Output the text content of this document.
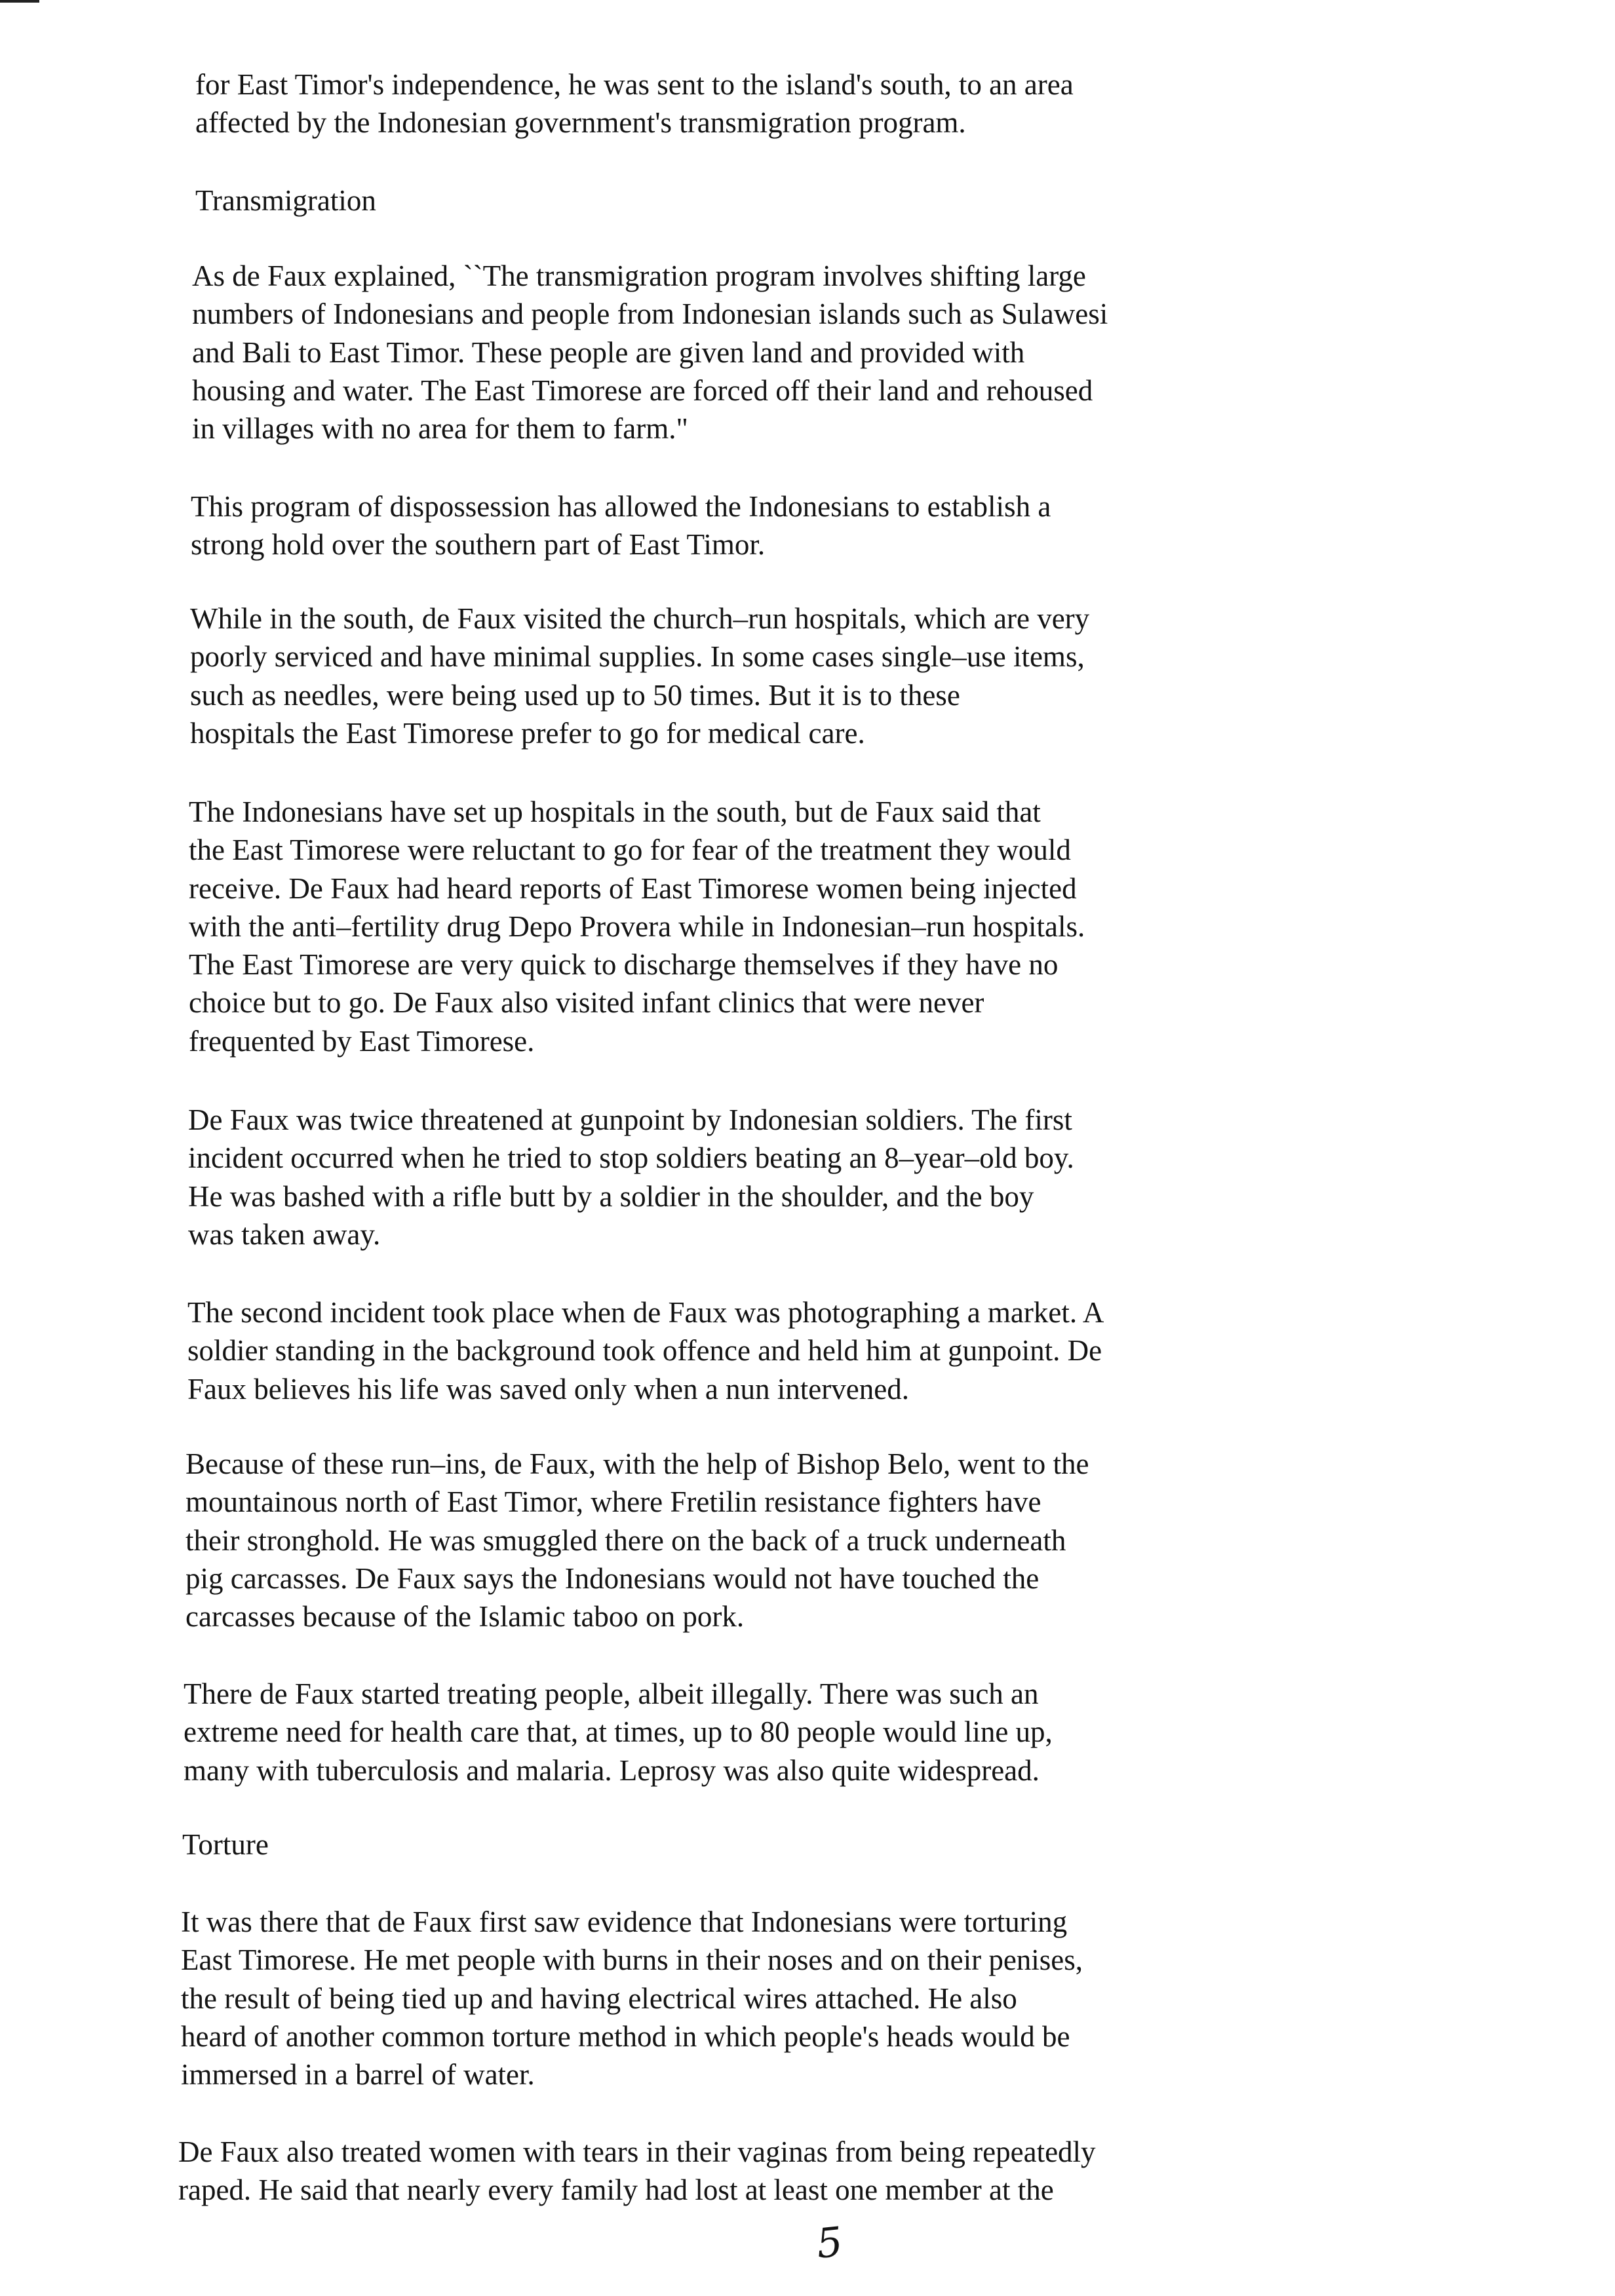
for East Timor's independence, he was sent to the island's south, to an area
affected by the Indonesian government's transmigration program.

Transmigration

As de Faux explained, ``The transmigration program involves shifting large
numbers of Indonesians and people from Indonesian islands such as Sulawesi
and Bali to East Timor. These people are given land and provided with
housing and water. The East Timorese are forced off their land and rehoused
in villages with no area for them to farm."

This program of dispossession has allowed the Indonesians to establish a
strong hold over the southern part of East Timor.

While in the south, de Faux visited the church–run hospitals, which are very
poorly serviced and have minimal supplies. In some cases single–use items,
such as needles, were being used up to 50 times. But it is to these
hospitals the East Timorese prefer to go for medical care.

The Indonesians have set up hospitals in the south, but de Faux said that
the East Timorese were reluctant to go for fear of the treatment they would
receive. De Faux had heard reports of East Timorese women being injected
with the anti–fertility drug Depo Provera while in Indonesian–run hospitals.
The East Timorese are very quick to discharge themselves if they have no
choice but to go. De Faux also visited infant clinics that were never
frequented by East Timorese.

De Faux was twice threatened at gunpoint by Indonesian soldiers. The first
incident occurred when he tried to stop soldiers beating an 8–year–old boy.
He was bashed with a rifle butt by a soldier in the shoulder, and the boy
was taken away.

The second incident took place when de Faux was photographing a market. A
soldier standing in the background took offence and held him at gunpoint. De
Faux believes his life was saved only when a nun intervened.

Because of these run–ins, de Faux, with the help of Bishop Belo, went to the
mountainous north of East Timor, where Fretilin resistance fighters have
their stronghold. He was smuggled there on the back of a truck underneath
pig carcasses. De Faux says the Indonesians would not have touched the
carcasses because of the Islamic taboo on pork.

There de Faux started treating people, albeit illegally. There was such an
extreme need for health care that, at times, up to 80 people would line up,
many with tuberculosis and malaria. Leprosy was also quite widespread.

Torture

It was there that de Faux first saw evidence that Indonesians were torturing
East Timorese. He met people with burns in their noses and on their penises,
the result of being tied up and having electrical wires attached. He also
heard of another common torture method in which people's heads would be
immersed in a barrel of water.

De Faux also treated women with tears in their vaginas from being repeatedly
raped. He said that nearly every family had lost at least one member at the

5
